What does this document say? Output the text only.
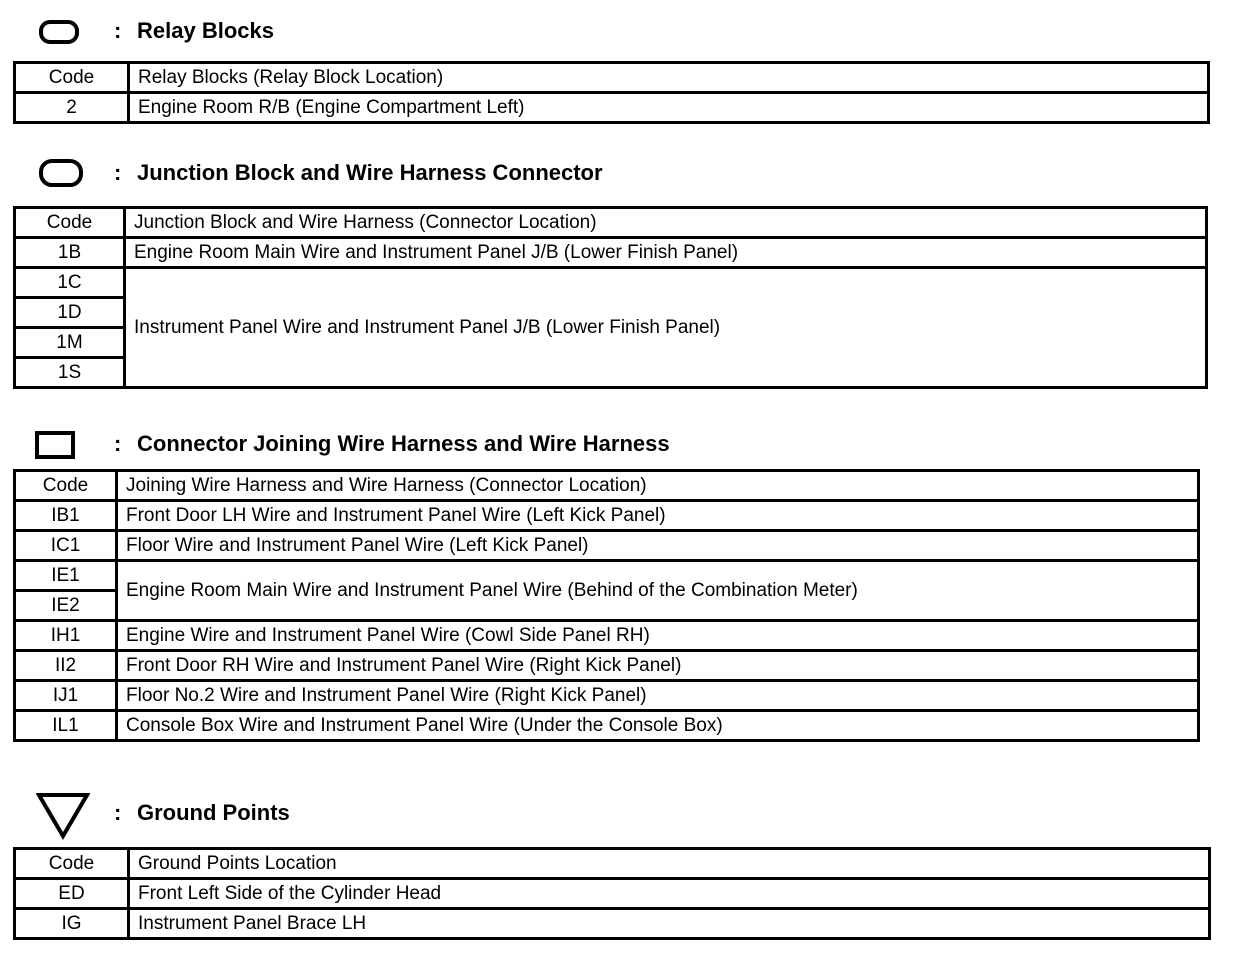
: Relay Blocks
Code	Relay Blocks (Relay Block Location)
2	Engine Room R/B (Engine Compartment Left)
: Junction Block and Wire Harness Connector
Code	Junction Block and Wire Harness (Connector Location)
1B	Engine Room Main Wire and Instrument Panel J/B (Lower Finish Panel)
1C	Instrument Panel Wire and Instrument Panel J/B (Lower Finish Panel)
1D	
1M	
1S	
: Connector Joining Wire Harness and Wire Harness
Code	Joining Wire Harness and Wire Harness (Connector Location)
IB1	Front Door LH Wire and Instrument Panel Wire (Left Kick Panel)
IC1	Floor Wire and Instrument Panel Wire (Left Kick Panel)
IE1	Engine Room Main Wire and Instrument Panel Wire (Behind of the Combination Meter)
IE2	
IH1	Engine Wire and Instrument Panel Wire (Cowl Side Panel RH)
II2	Front Door RH Wire and Instrument Panel Wire (Right Kick Panel)
IJ1	Floor No.2 Wire and Instrument Panel Wire (Right Kick Panel)
IL1	Console Box Wire and Instrument Panel Wire (Under the Console Box)
: Ground Points
Code	Ground Points Location
ED	Front Left Side of the Cylinder Head
IG	Instrument Panel Brace LH
